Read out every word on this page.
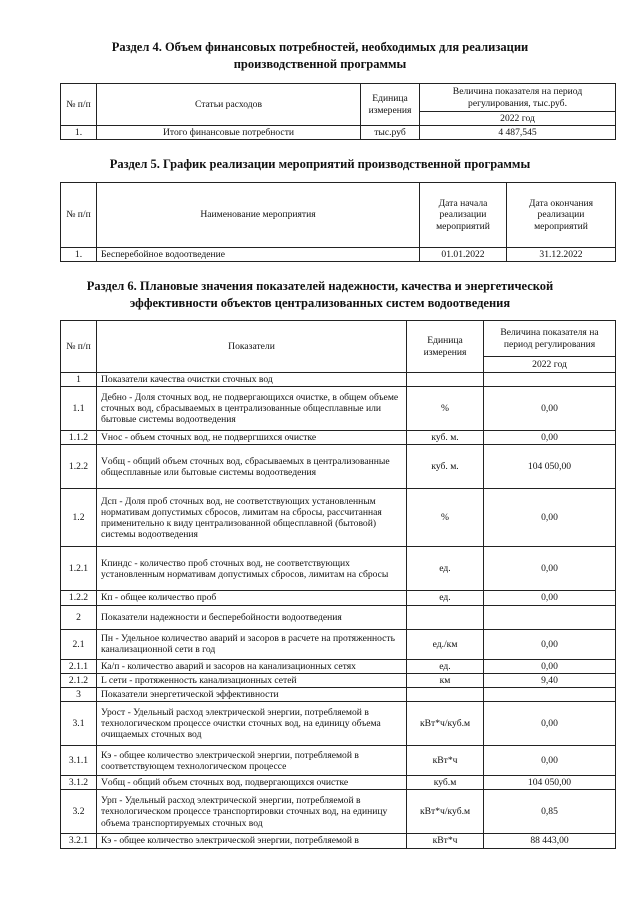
Раздел 4. Объем финансовых потребностей, необходимых для реализации
производственной программы
№ п/п	Статьи расходов	Единица измерения	Величина показателя на период регулирования, тыс.руб.
			2022 год
1.	Итого финансовые потребности	тыс.руб	4 487,545
Раздел 5. График реализации мероприятий производственной программы
№ п/п	Наименование мероприятия	Дата начала реализации мероприятий	Дата окончания реализации мероприятий
1.	Бесперебойное водоотведение	01.01.2022	31.12.2022
Раздел 6. Плановые значения показателей надежности, качества и энергетической
эффективности объектов централизованных систем водоотведения
№ п/п	Показатели	Единица измерения	Величина показателя на период регулирования
			2022 год
1	Показатели качества очистки сточных вод		
1.1	Дебно - Доля сточных вод, не подвергающихся очистке, в общем объеме сточных вод, сбрасываемых в централизованные общесплавные или бытовые системы водоотведения	%	0,00
1.1.2	Vнос - объем сточных вод, не подвергшихся очистке	куб. м.	0,00
1.2.2	Vобщ - общий объем сточных вод, сбрасываемых в централизованные общесплавные или бытовые системы водоотведения	куб. м.	104 050,00
1.2	Дсп - Доля проб сточных вод, не соответствующих установленным нормативам допустимых сбросов, лимитам на сбросы, рассчитанная применительно к виду централизованной общесплавной (бытовой) системы водоотведения	%	0,00
1.2.1	Кпиндс - количество проб сточных вод, не соответствующих установленным нормативам допустимых сбросов, лимитам на сбросы	ед.	0,00
1.2.2	Кп - общее количество проб	ед.	0,00
2	Показатели надежности и бесперебойности водоотведения		
2.1	Пн - Удельное количество аварий и засоров в расчете на протяженность канализационной сети в год	ед./км	0,00
2.1.1	Ка/п - количество аварий и засоров на канализационных сетях	ед.	0,00
2.1.2	L сети - протяженность канализационных сетей	км	9,40
3	Показатели энергетической эффективности		
3.1	Урост - Удельный расход электрической энергии, потребляемой в технологическом процессе очистки сточных вод, на единицу объема очищаемых сточных вод	кВт*ч/куб.м	0,00
3.1.1	Кэ - общее количество электрической энергии, потребляемой в соответствующем технологическом процессе	кВт*ч	0,00
3.1.2	Vобщ - общий объем сточных вод, подвергающихся очистке	куб.м	104 050,00
3.2	Урп - Удельный расход электрической энергии, потребляемой в технологическом процессе транспортировки сточных вод, на единицу объема транспортируемых сточных вод	кВт*ч/куб.м	0,85
3.2.1	Кэ - общее количество электрической энергии, потребляемой в	кВт*ч	88 443,00
